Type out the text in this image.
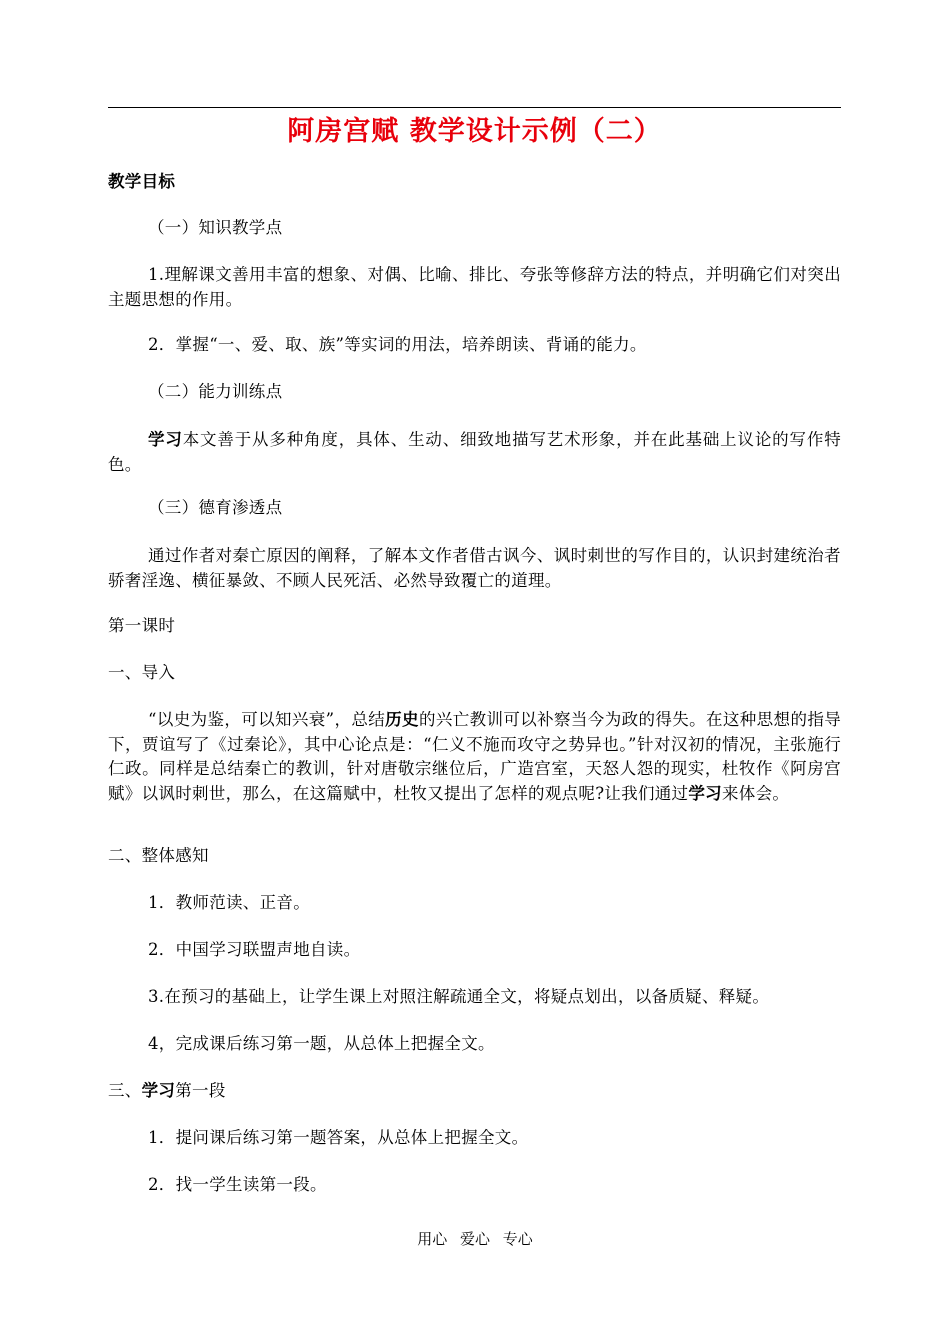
阿房宫赋 教学设计示例（二）
教学目标
（一）知识教学点
1.理解课文善用丰富的想象、对偶、比喻、排比、夸张等修辞方法的特点，并明确它们对突出主题思想的作用。
2．掌握“一、爱、取、族”等实词的用法，培养朗读、背诵的能力。
（二）能力训练点
学习本文善于从多种角度，具体、生动、细致地描写艺术形象，并在此基础上议论的写作特色。
（三）德育渗透点
通过作者对秦亡原因的阐释，了解本文作者借古讽今、讽时刺世的写作目的，认识封建统治者骄奢淫逸、横征暴敛、不顾人民死活、必然导致覆亡的道理。
第一课时
一、导入
“以史为鉴，可以知兴衰”，总结历史的兴亡教训可以补察当今为政的得失。在这种思想的指导下，贾谊写了《过秦论》，其中心论点是：“仁义不施而攻守之势异也。”针对汉初的情况，主张施行仁政。同样是总结秦亡的教训，针对唐敬宗继位后，广造宫室，天怒人怨的现实，杜牧作《阿房宫赋》以讽时刺世，那么，在这篇赋中，杜牧又提出了怎样的观点呢?让我们通过学习来体会。
二、整体感知
1．教师范读、正音。
2．中国学习联盟声地自读。
3.在预习的基础上，让学生课上对照注解疏通全文，将疑点划出，以备质疑、释疑。
4，完成课后练习第一题，从总体上把握全文。
三、学习第一段
1．提问课后练习第一题答案，从总体上把握全文。
2．找一学生读第一段。
用心 爱心 专心
